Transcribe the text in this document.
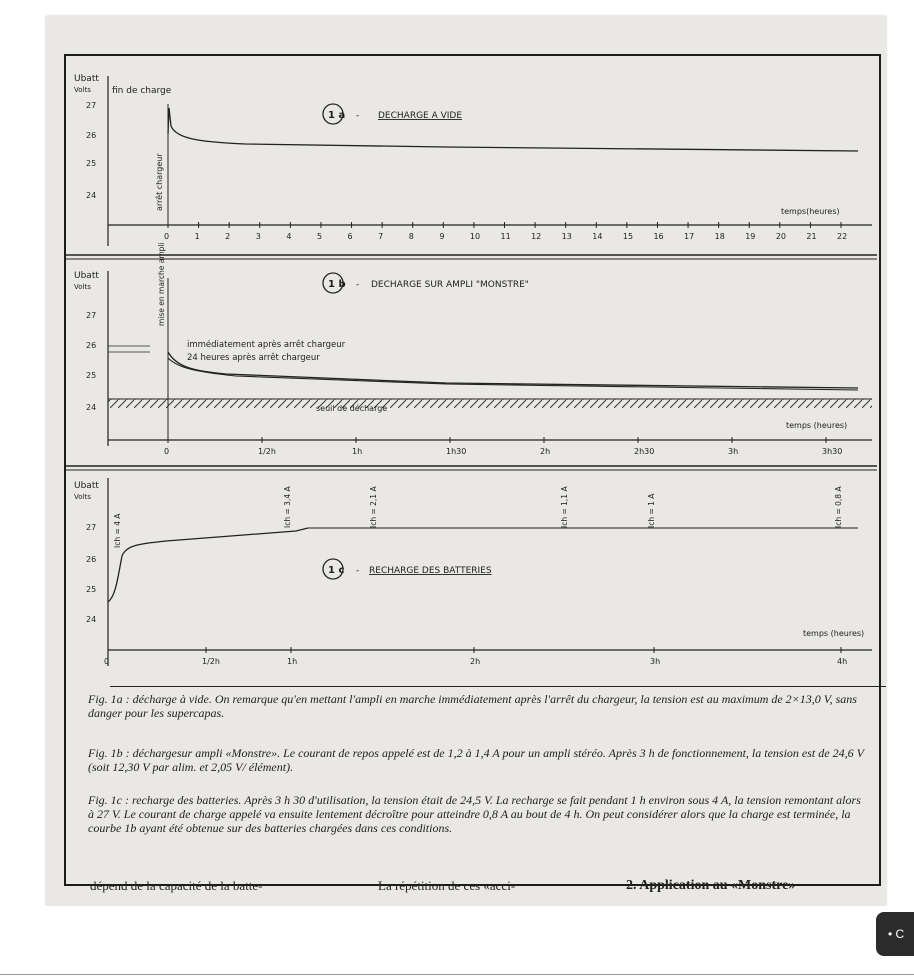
Ubatt
Volts fin de charge
27
26
25
24	arrêt chargeur
1 a - DECHARGE A VIDE
temps(heures)
0	1	2	3	4	5	6	7	8	9	10	11	12	13	14	15	16	17	18	19	20	21	22
Ubatt
Volts
27
26
25
24
mise en marche ampli
immédiatement après arrêt chargeur
24 heures après arrêt chargeur
seuil de décharge
1 b - DECHARGE SUR AMPLI "MONSTRE"
temps (heures)
0	1/2h	1h	1h30	2h	2h30	3h	3h30
Ubatt
Volts
27
26
25
24
1 c - RECHARGE DES BATTERIES
Ich = 4 A
Ich = 3,4 A	Ich = 2,1 A	Ich = 1,1 A	Ich = 1 A	Ich = 0,8 A
temps (heures)
0	1/2h	1h	2h	3h	4h
Fig. 1a : décharge à vide. On remarque qu'en mettant l'ampli en marche immédiatement après l'arrêt du chargeur, la tension est au maximum de 2×13,0 V, sans danger pour les supercapas.
Fig. 1b : déchargesur ampli «Monstre». Le courant de repos appelé est de 1,2 à 1,4 A pour un ampli stéréo. Après 3 h de fonctionnement, la tension est de 24,6 V (soit 12,30 V par alim. et 2,05 V/ élément).
Fig. 1c : recharge des batteries. Après 3 h 30 d'utilisation, la tension était de 24,5 V. La recharge se fait pendant 1 h environ sous 4 A, la tension remontant alors à 27 V. Le courant de charge appelé va ensuite lentement décroître pour atteindre 0,8 A au bout de 4 h. On peut considérer alors que la charge est terminée, la courbe 1b ayant été obtenue sur des batteries chargées dans ces conditions.
dépend de la capacité de la batte-	La répétition de ces «acci-	2. Application au «Monstre»
• C
